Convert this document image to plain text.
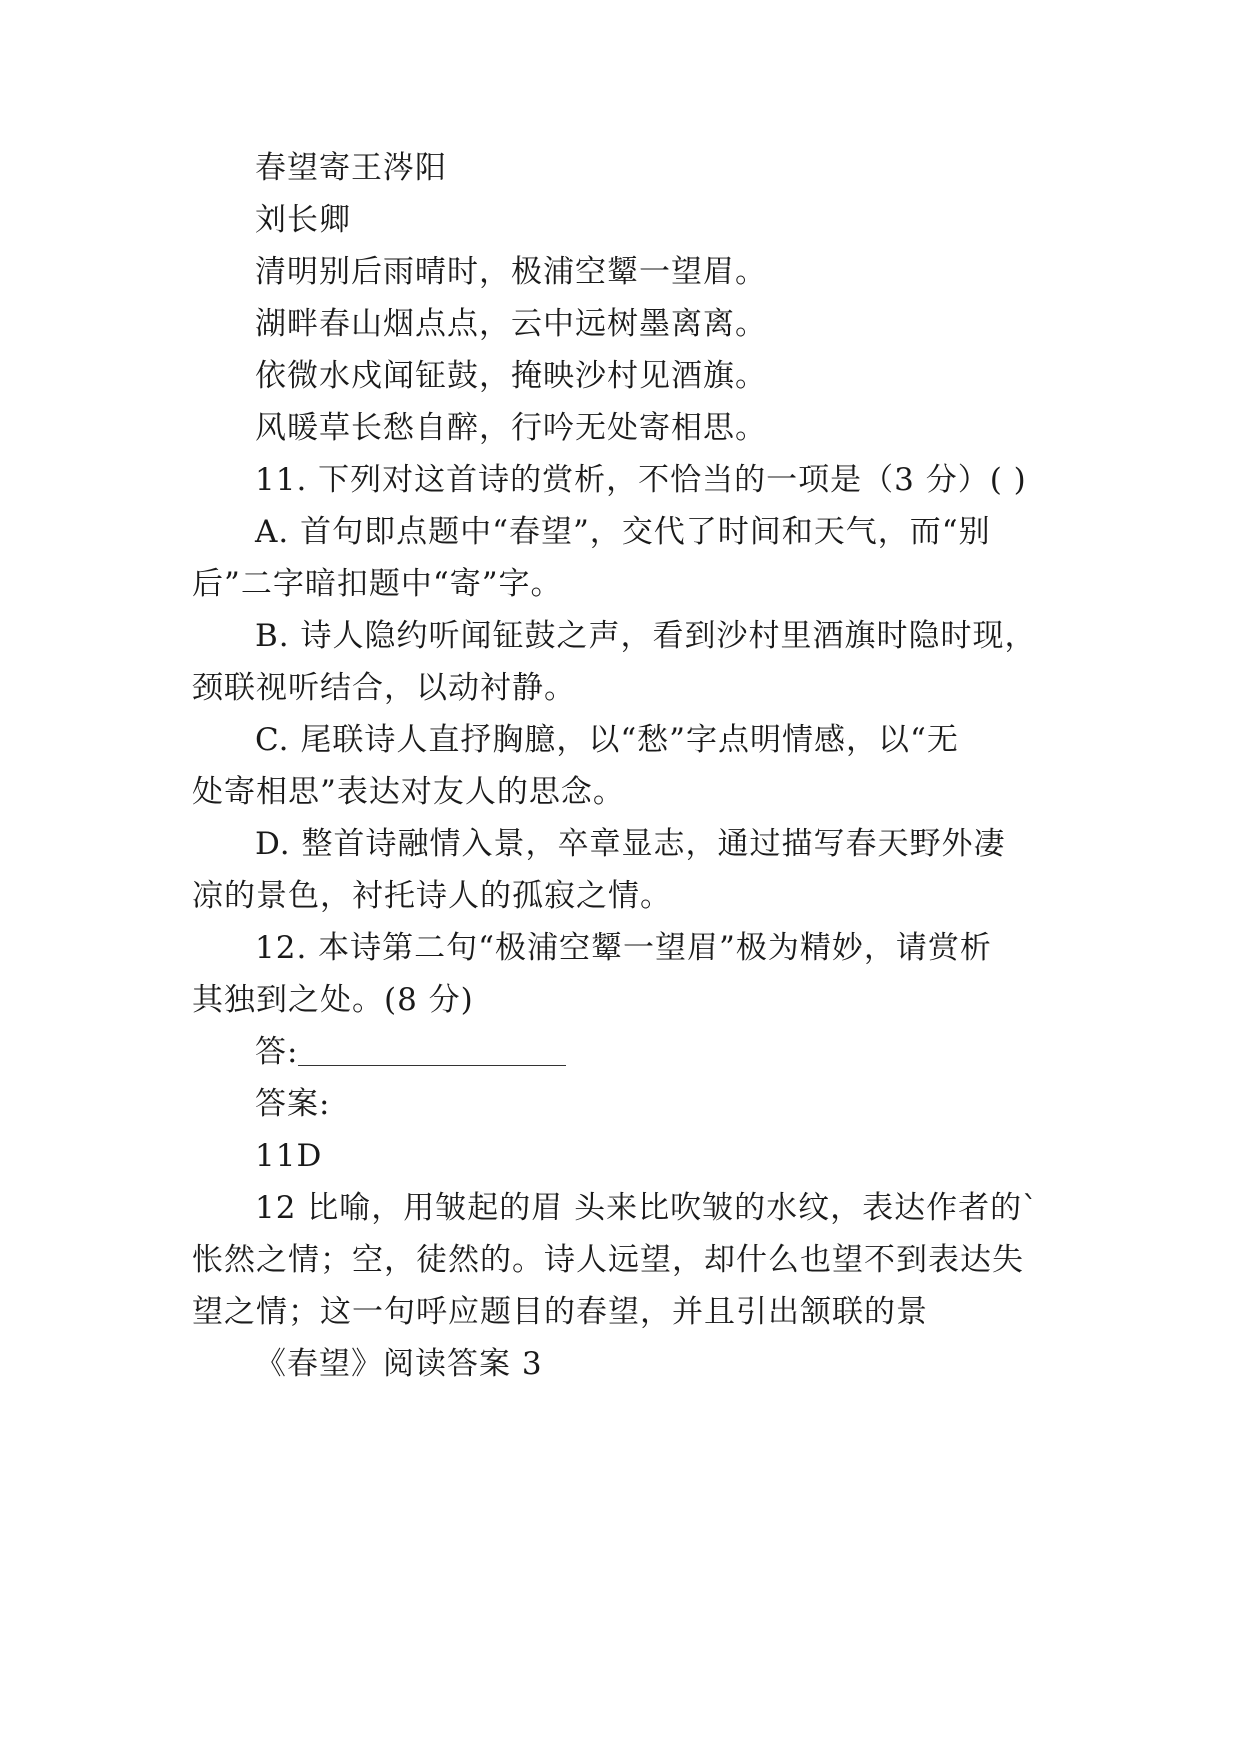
春望寄王涔阳
刘长卿
清明别后雨晴时，极浦空颦一望眉。
湖畔春山烟点点，云中远树墨离离。
依微水戍闻钲鼓，掩映沙村见酒旗。
风暖草长愁自醉，行吟无处寄相思。
11. 下列对这首诗的赏析，不恰当的一项是（3 分）( )
A. 首句即点题中“春望”，交代了时间和天气，而“别
后”二字暗扣题中“寄”字。
B. 诗人隐约听闻钲鼓之声，看到沙村里酒旗时隐时现，
颈联视听结合，以动衬静。
C. 尾联诗人直抒胸臆，以“愁”字点明情感，以“无
处寄相思”表达对友人的思念。
D. 整首诗融情入景，卒章显志，通过描写春天野外凄
凉的景色，衬托诗人的孤寂之情。
12. 本诗第二句“极浦空颦一望眉”极为精妙，请赏析
其独到之处。(8 分)
答:
答案:
11D
12 比喻，用皱起的眉 头来比吹皱的水纹，表达作者的`
怅然之情；空，徒然的。诗人远望，却什么也望不到表达失
望之情；这一句呼应题目的春望，并且引出颔联的景
《春望》阅读答案 3
